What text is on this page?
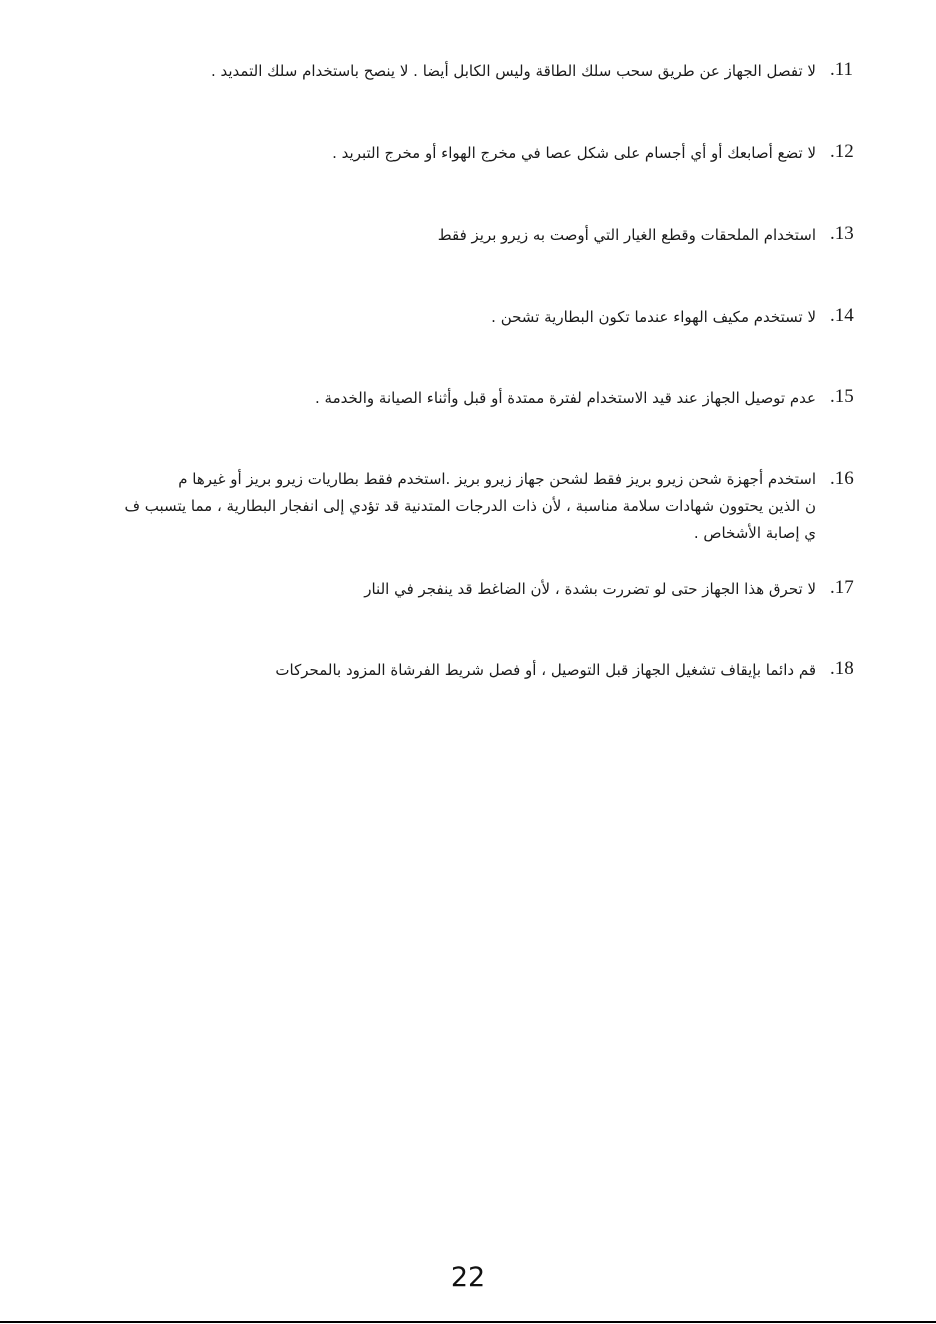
.11
لا تفصل الجهاز عن طريق سحب سلك الطاقة وليس الكابل أيضا . لا ينصح باستخدام سلك التمديد .
.12
لا تضع أصابعك أو أي أجسام على شكل عصا في مخرج الهواء أو مخرج التبريد .
.13
استخدام الملحقات وقطع الغيار التي أوصت به زيرو بريز فقط
.14
لا تستخدم مكيف الهواء عندما تكون البطارية تشحن .
.15
عدم توصيل الجهاز عند قيد الاستخدام لفترة ممتدة أو قبل وأثناء الصيانة والخدمة .
.16
استخدم أجهزة شحن زيرو بريز فقط لشحن جهاز زيرو بريز .استخدم فقط بطاريات زيرو بريز أو غيرها م
ن الذين يحتوون شهادات سلامة مناسبة ، لأن ذات الدرجات المتدنية قد تؤدي إلى انفجار البطارية ، مما يتسبب ف
ي إصابة الأشخاص .
.17
لا تحرق هذا الجهاز حتى لو تضررت بشدة ، لأن الضاغط قد ينفجر في النار
.18
قم دائما بإيقاف تشغيل الجهاز قبل التوصيل ، أو فصل شريط الفرشاة المزود بالمحركات
22
